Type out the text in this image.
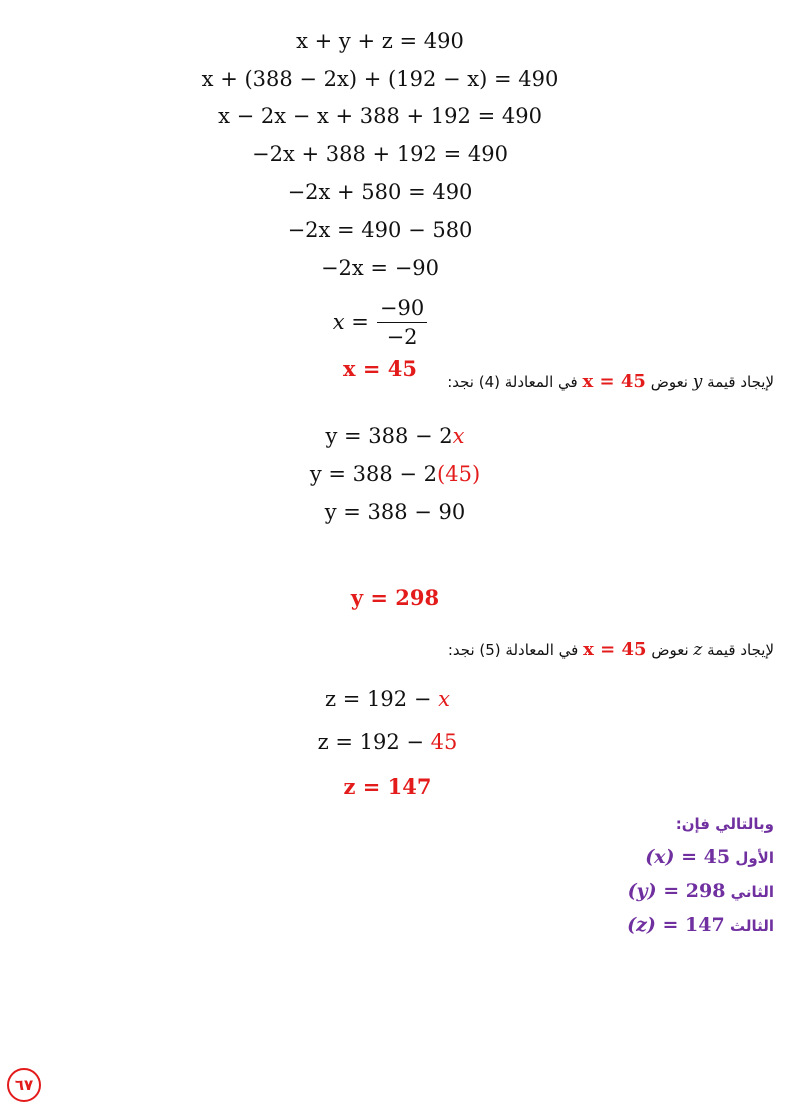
x + y + z = 490
x + (388 − 2x) + (192 − x) = 490
x − 2x − x + 388 + 192 = 490
−2x + 388 + 192 = 490
−2x + 580 = 490
−2x = 490 − 580
−2x = −90
$x = \frac{-90}{-2}$
x = 45
لإيجاد قيمة y نعوض x = 45 في المعادلة (4) نجد:
y = 388 − 2x
y = 388 − 2(45)
y = 388 − 90
y = 298
لإيجاد قيمة z نعوض x = 45 في المعادلة (5) نجد:
z = 192 − x
z = 192 − 45
z = 147
وبالتالي فإن:
الأول (x) = 45
الثاني (y) = 298
الثالث (z) = 147
٦٧
